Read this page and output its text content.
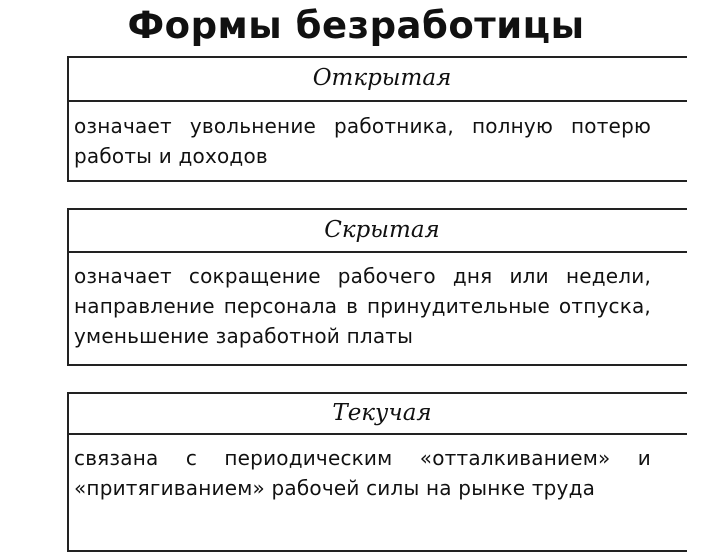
Формы безработицы
Открытая
означает увольнение работника, полную потерю работы и доходов
Скрытая
означает сокращение рабочего дня или недели, направление персонала в принудительные отпуска, уменьшение заработной платы
Текучая
связана с периодическим «отталкиванием» и «притягиванием» рабочей силы на рынке труда
